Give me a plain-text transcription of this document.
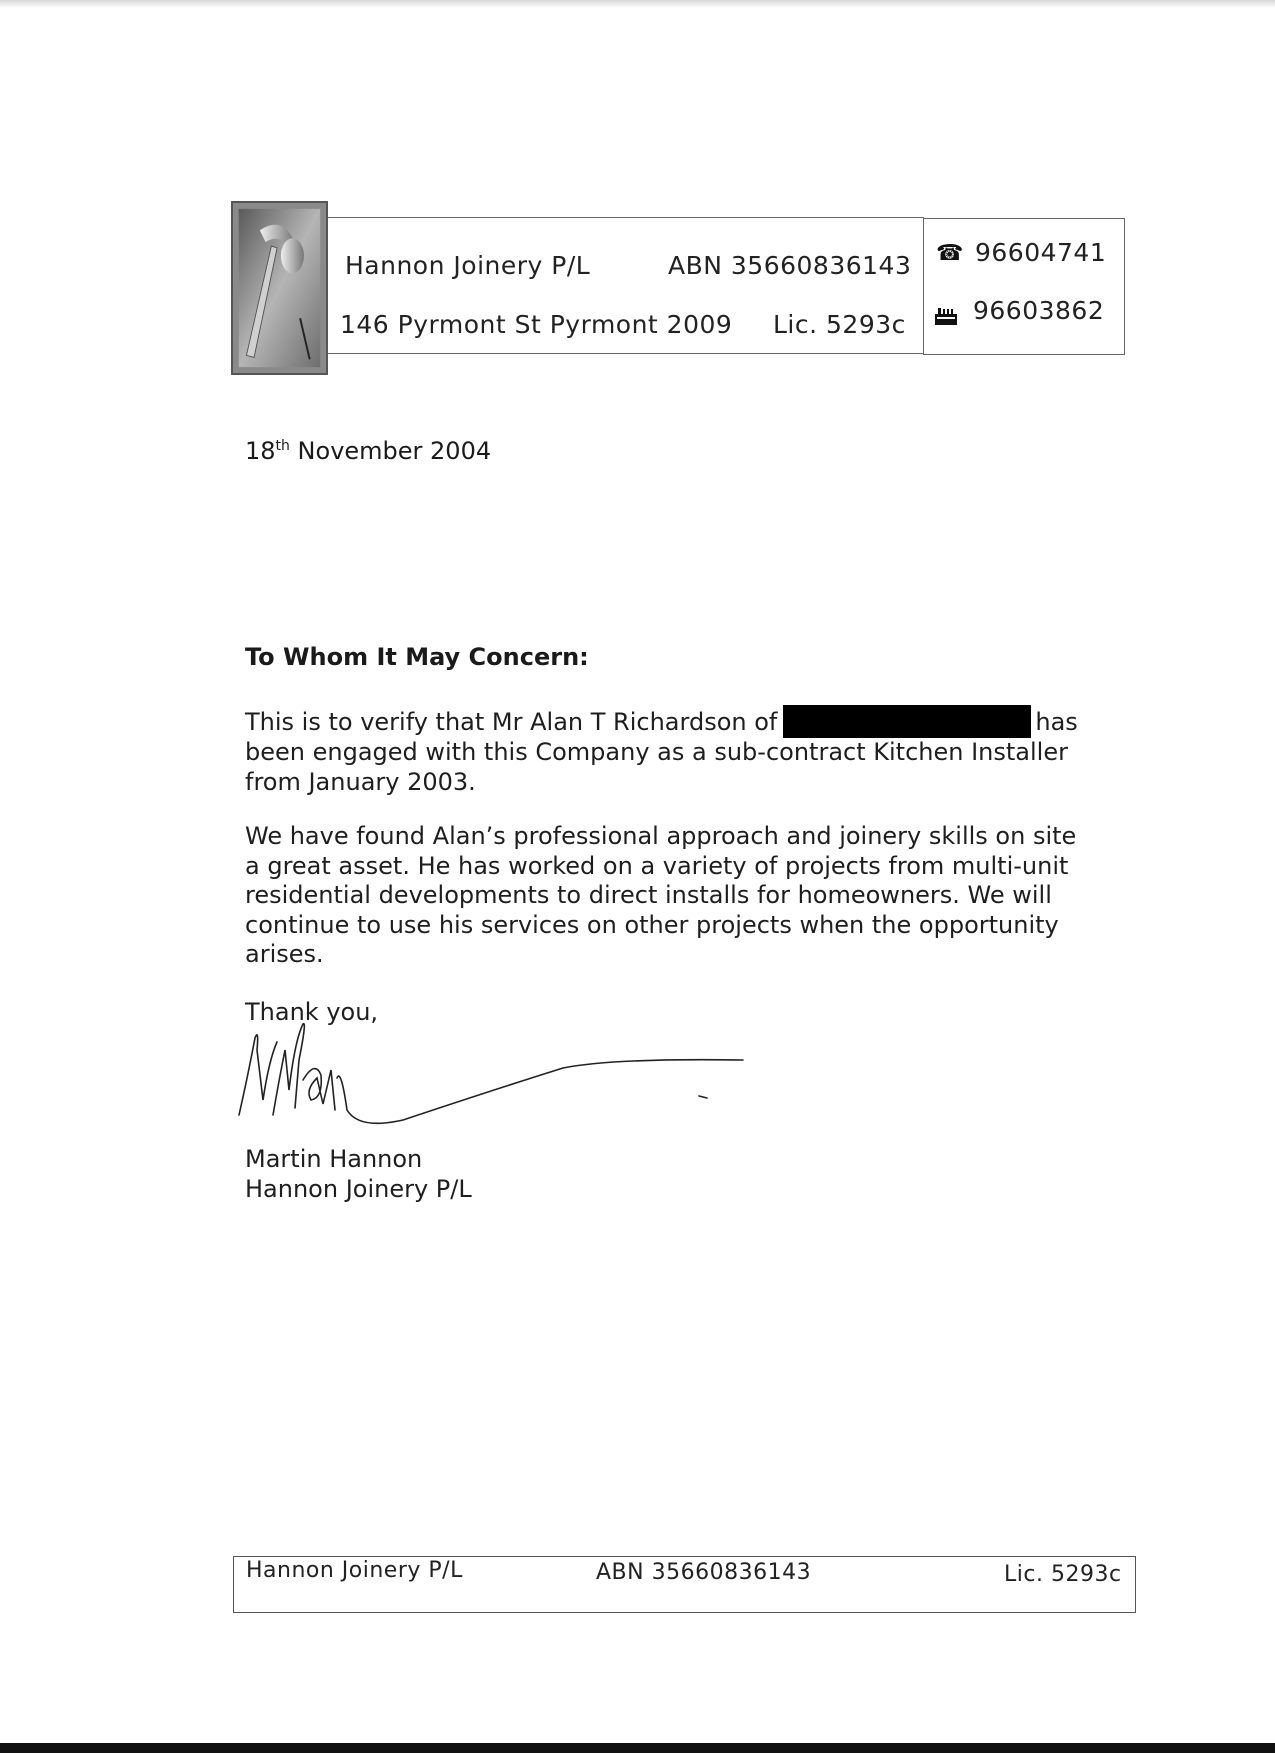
Hannon Joinery P/L	ABN 35660836143
146 Pyrmont St Pyrmont 2009 Lic. 5293c
☎ 96604741
96603862
18th November 2004
To Whom It May Concern:
This is to verify that Mr Alan T Richardson of	has been engaged with this Company as a sub-contract Kitchen Installer from January 2003.
We have found Alan’s professional approach and joinery skills on site a great asset. He has worked on a variety of projects from multi-unit residential developments to direct installs for homeowners. We will continue to use his services on other projects when the opportunity arises.
Thank you,
Martin Hannon
Hannon Joinery P/L
Hannon Joinery P/L	ABN 35660836143	Lic. 5293c
